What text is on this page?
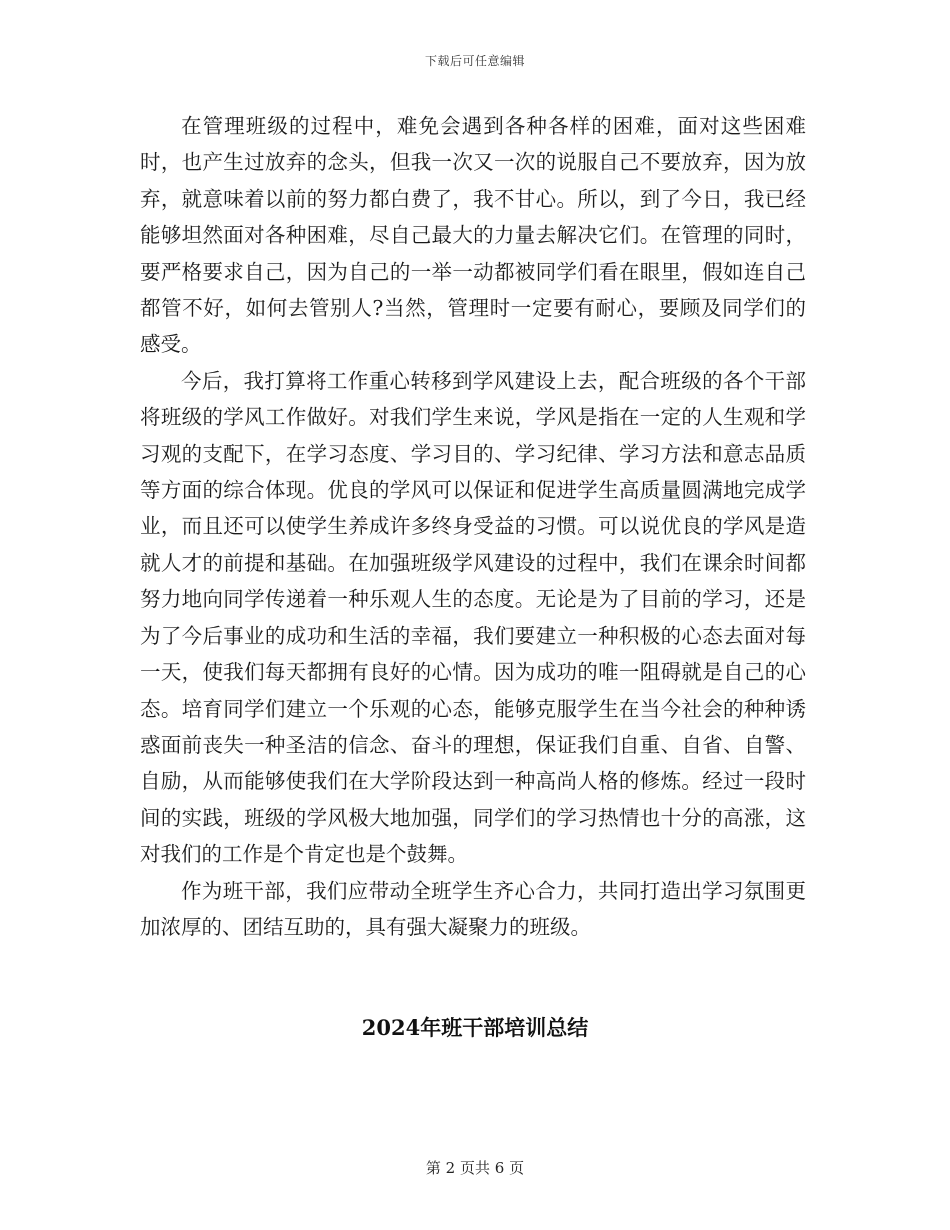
下载后可任意编辑

在管理班级的过程中，难免会遇到各种各样的困难，面对这些困难时，也产生过放弃的念头，但我一次又一次的说服自己不要放弃，因为放弃，就意味着以前的努力都白费了，我不甘心。所以，到了今日，我已经能够坦然面对各种困难，尽自己最大的力量去解决它们。在管理的同时，要严格要求自己，因为自己的一举一动都被同学们看在眼里，假如连自己都管不好，如何去管别人?当然，管理时一定要有耐心，要顾及同学们的感受。

今后，我打算将工作重心转移到学风建设上去，配合班级的各个干部将班级的学风工作做好。对我们学生来说，学风是指在一定的人生观和学习观的支配下，在学习态度、学习目的、学习纪律、学习方法和意志品质等方面的综合体现。优良的学风可以保证和促进学生高质量圆满地完成学业，而且还可以使学生养成许多终身受益的习惯。可以说优良的学风是造就人才的前提和基础。在加强班级学风建设的过程中，我们在课余时间都努力地向同学传递着一种乐观人生的态度。无论是为了目前的学习，还是为了今后事业的成功和生活的幸福，我们要建立一种积极的心态去面对每一天，使我们每天都拥有良好的心情。因为成功的唯一阻碍就是自己的心态。培育同学们建立一个乐观的心态，能够克服学生在当今社会的种种诱惑面前丧失一种圣洁的信念、奋斗的理想，保证我们自重、自省、自警、自励，从而能够使我们在大学阶段达到一种高尚人格的修炼。经过一段时间的实践，班级的学风极大地加强，同学们的学习热情也十分的高涨，这对我们的工作是个肯定也是个鼓舞。

作为班干部，我们应带动全班学生齐心合力，共同打造出学习氛围更加浓厚的、团结互助的，具有强大凝聚力的班级。

2024年班干部培训总结
第 2 页共 6 页
